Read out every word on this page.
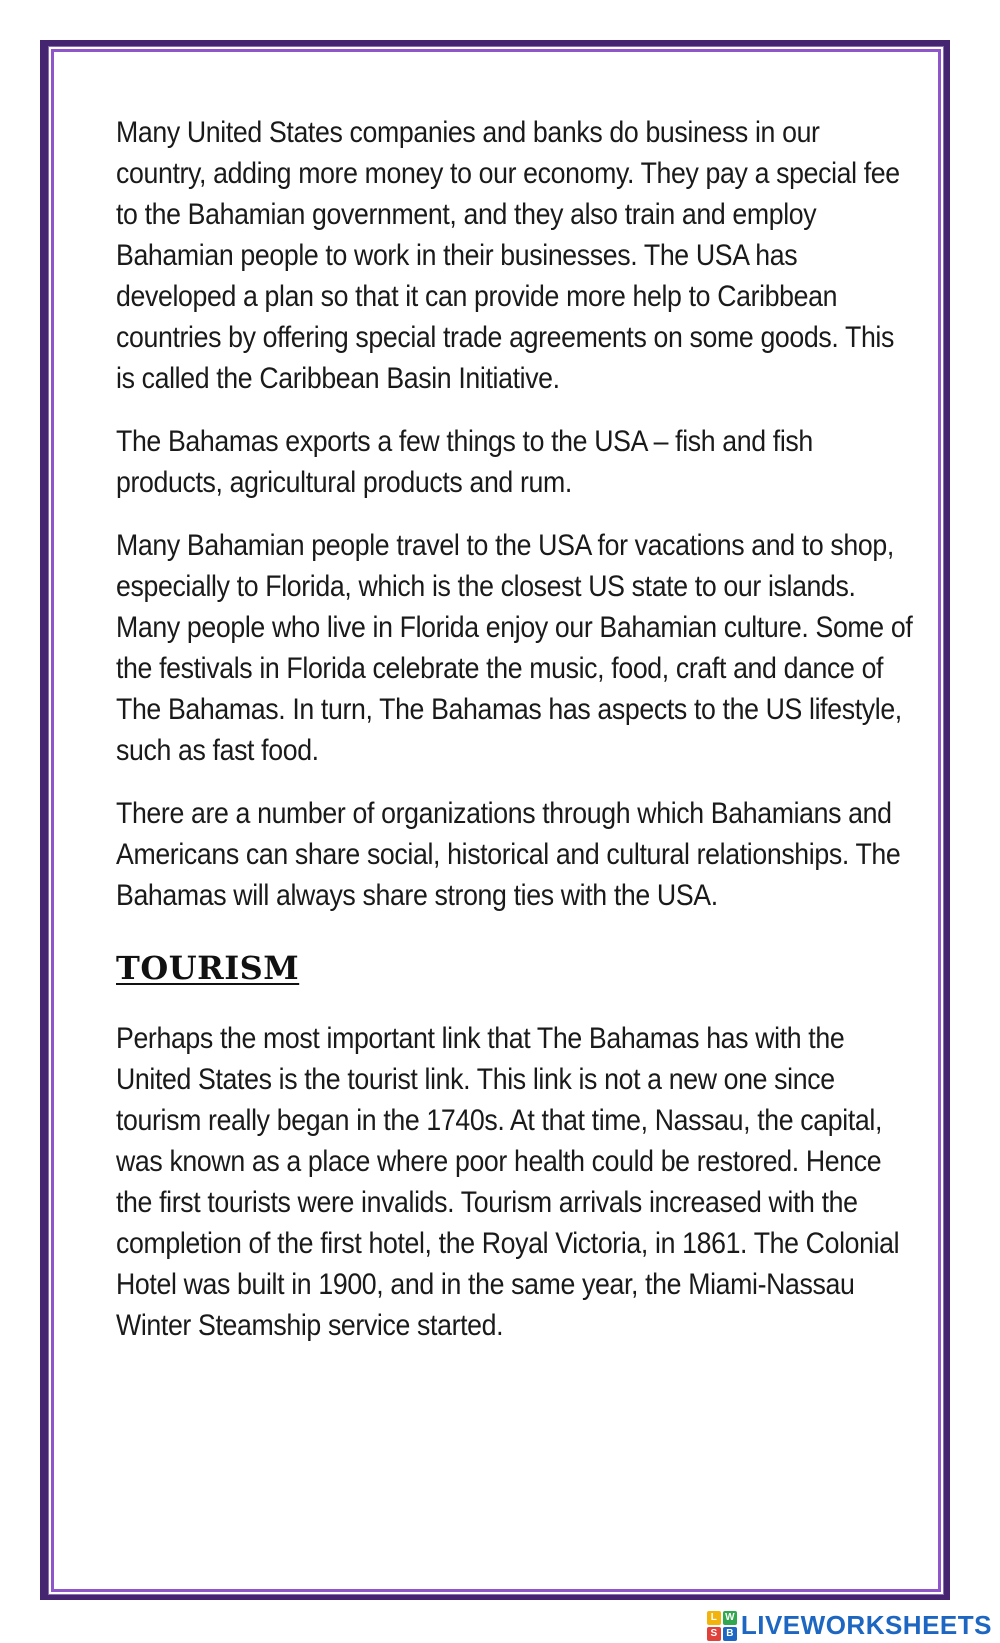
Many United States companies and banks do business in our country, adding more money to our economy. They pay a special fee to the Bahamian government, and they also train and employ Bahamian people to work in their businesses. The USA has developed a plan so that it can provide more help to Caribbean countries by offering special trade agreements on some goods. This is called the Caribbean Basin Initiative.

The Bahamas exports a few things to the USA – fish and fish products, agricultural products and rum.

Many Bahamian people travel to the USA for vacations and to shop, especially to Florida, which is the closest US state to our islands. Many people who live in Florida enjoy our Bahamian culture. Some of the festivals in Florida celebrate the music, food, craft and dance of The Bahamas. In turn, The Bahamas has aspects to the US lifestyle, such as fast food.

There are a number of organizations through which Bahamians and Americans can share social, historical and cultural relationships. The Bahamas will always share strong ties with the USA.

TOURISM

Perhaps the most important link that The Bahamas has with the United States is the tourist link. This link is not a new one since tourism really began in the 1740s. At that time, Nassau, the capital, was known as a place where poor health could be restored. Hence the first tourists were invalids. Tourism arrivals increased with the completion of the first hotel, the Royal Victoria, in 1861. The Colonial Hotel was built in 1900, and in the same year, the Miami-Nassau Winter Steamship service started.

L W
S B LIVEWORKSHEETS
